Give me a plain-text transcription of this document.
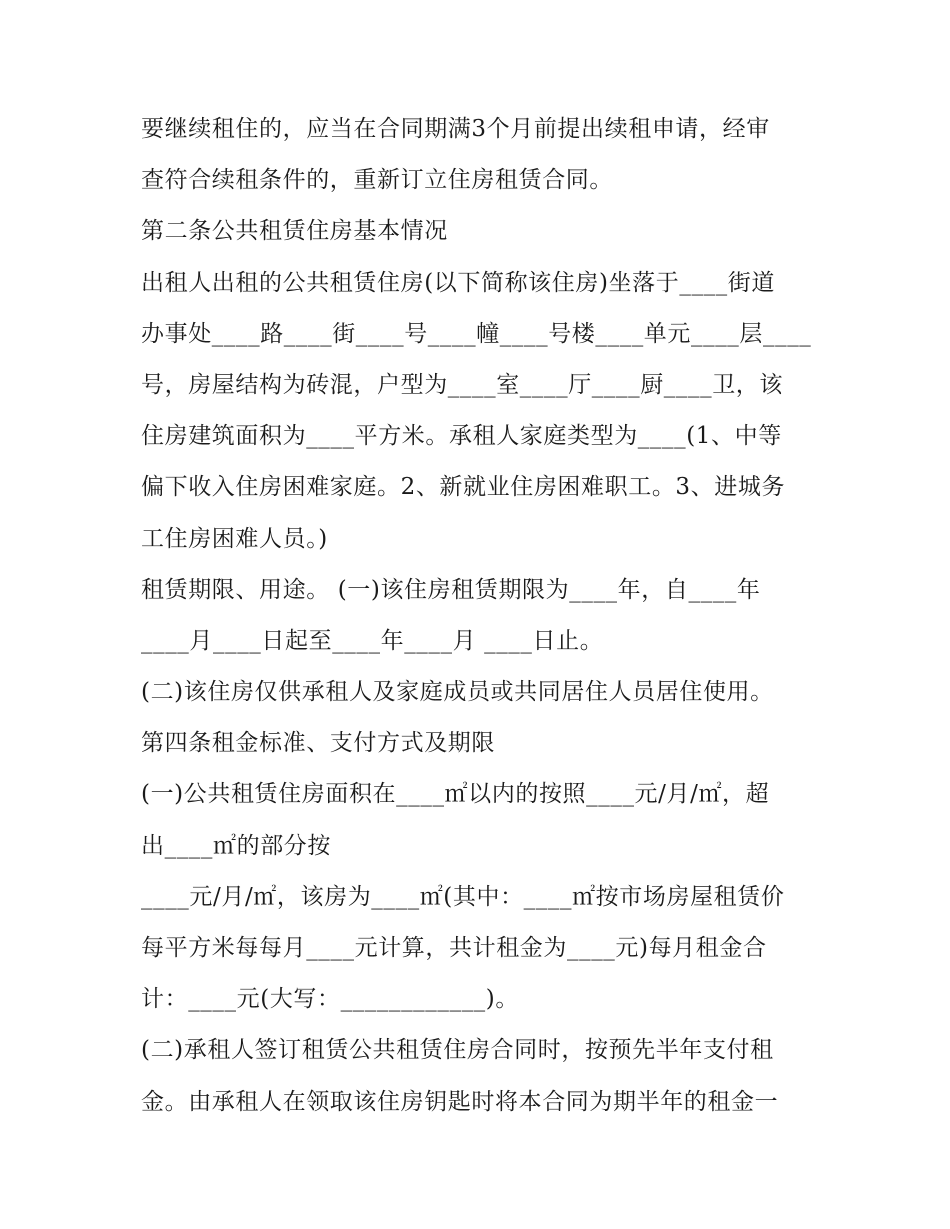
要继续租住的，应当在合同期满3个月前提出续租申请，经审
查符合续租条件的，重新订立住房租赁合同。
第二条公共租赁住房基本情况
出租人出租的公共租赁住房(以下简称该住房)坐落于____街道
办事处____路____街____号____幢____号楼____单元____层____
号，房屋结构为砖混，户型为____室____厅____厨____卫，该
住房建筑面积为____平方米。承租人家庭类型为____(1、中等
偏下收入住房困难家庭。2、新就业住房困难职工。3、进城务
工住房困难人员。)
租赁期限、用途。 (一)该住房租赁期限为____年，自____年
____月____日起至____年____月 ____日止。
(二)该住房仅供承租人及家庭成员或共同居住人员居住使用。
第四条租金标准、支付方式及期限
(一)公共租赁住房面积在____㎡以内的按照____元/月/㎡，超
出____㎡的部分按
____元/月/㎡，该房为____㎡(其中：____㎡按市场房屋租赁价
每平方米每每月____元计算，共计租金为____元)每月租金合
计：____元(大写：____________)。
(二)承租人签订租赁公共租赁住房合同时，按预先半年支付租
金。由承租人在领取该住房钥匙时将本合同为期半年的租金一
